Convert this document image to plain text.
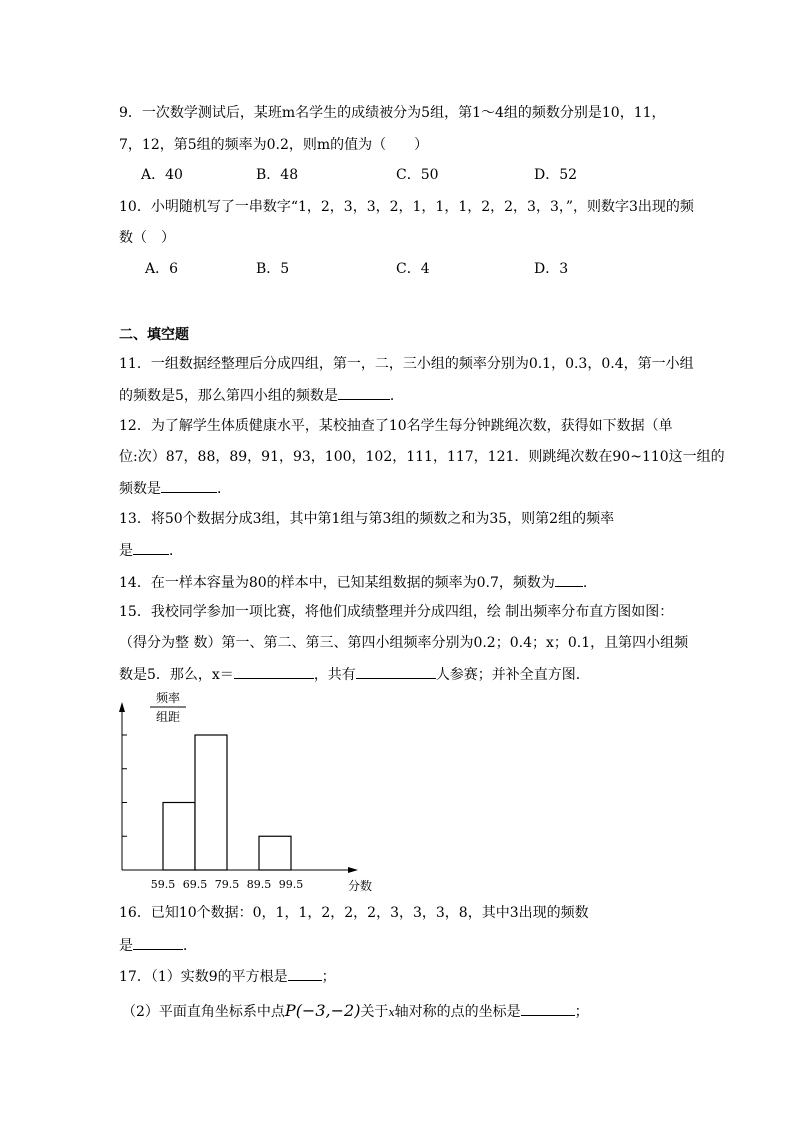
9．一次数学测试后，某班m名学生的成绩被分为5组，第1～4组的频数分别是10，11，
7，12，第5组的频率为0.2，则m的值为（　　）
A．40	B．48	C．50	D．52
10．小明随机写了一串数字“1，2，3，3，2，1，1，1，2，2，3，3，”，则数字3出现的频
数（　）
A．6	B．5	C．4	D．3
二、填空题
11．一组数据经整理后分成四组，第一，二，三小组的频率分别为0.1，0.3，0.4，第一小组
的频数是5，那么第四小组的频数是	．
12．为了解学生体质健康水平，某校抽查了10名学生每分钟跳绳次数，获得如下数据（单
位:次）87，88，89，91，93，100，102，111，117，121．则跳绳次数在90~110这一组的
频数是	．
13．将50个数据分成3组，其中第1组与第3组的频数之和为35，则第2组的频率
是	．
14．在一样本容量为80的样本中，已知某组数据的频率为0.7，频数为 .
15．我校同学参加一项比赛，将他们成绩整理并分成四组，绘 制出频率分布直方图如图：
（得分为整 数）第一、第二、第三、第四小组频率分别为0.2；0.4；x；0.1，且第四小组频
数是5．那么，x＝	，共有	人参赛；并补全直方图.
59.5 69.5 79.5 89.5 99.5	分数
频率
组距
16．已知10个数据：0，1，1，2，2，2，3，3，3，8，其中3出现的频数
是	．
17．（1）实数9的平方根是 ；
（2）平面直角坐标系中点P(−3,−2)关于x轴对称的点的坐标是	；
